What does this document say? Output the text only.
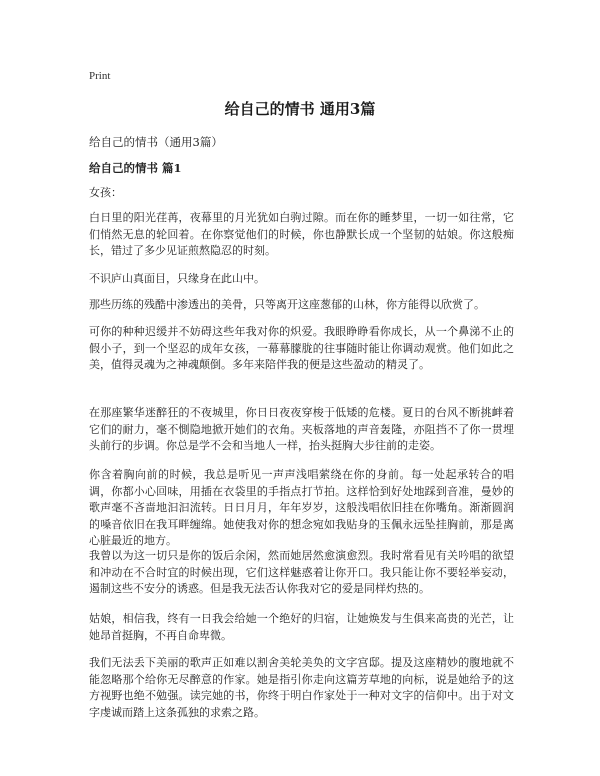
Print
给自己的情书 通用3篇

给自己的情书（通用3篇）

给自己的情书 篇1

女孩：

白日里的阳光荏苒，夜幕里的月光犹如白驹过隙。而在你的睡梦里，一切一如往常，它们悄然无息的轮回着。在你察觉他们的时候，你也静默长成一个坚韧的姑娘。你这般痴长，错过了多少见证煎熬隐忍的时刻。

不识庐山真面目，只缘身在此山中。

那些历练的残酷中渗透出的美骨，只等离开这座葱郁的山林，你方能得以欣赏了。

可你的种种迟缓并不妨碍这些年我对你的炽爱。我眼睁睁看你成长，从一个鼻涕不止的假小子，到一个坚忍的成年女孩，一幕幕朦胧的往事随时能让你调动观赏。他们如此之美，值得灵魂为之神魂颠倒。多年来陪伴我的便是这些盈动的精灵了。

在那座繁华迷醉狂的不夜城里，你日日夜夜穿梭于低矮的危楼。夏日的台风不断挑衅着它们的耐力，毫不惻隐地掀开她们的衣角。夹板落地的声音轰隆，亦阻挡不了你一贯埋头前行的步调。你总是学不会和当地人一样，抬头挺胸大步往前的走姿。

你含着胸向前的时候，我总是听见一声声浅唱萦绕在你的身前。每一处起承转合的唱调，你都小心回味，用插在衣袋里的手指点打节拍。这样恰到好处地踩到音准，曼妙的歌声毫不吝啬地汩汩流转。日日月月，年年岁岁，这般浅唱依旧挂在你嘴角。渐渐圆润的嗓音依旧在我耳畔缠绵。她使我对你的想念宛如我贴身的玉佩永远坠挂胸前，那是离心脏最近的地方。

我曾以为这一切只是你的饭后余闲，然而她居然愈演愈烈。我时常看见有关吟唱的欲望和冲动在不合时宜的时候出现，它们这样魅惑着让你开口。我只能让你不要轻举妄动，遏制这些不安分的诱惑。但是我无法否认你我对它的爱是同样灼热的。

姑娘，相信我，终有一日我会给她一个绝好的归宿，让她焕发与生俱来高贵的光芒，让她昂首挺胸，不再自命卑微。

我们无法丢下美丽的歌声正如难以割舍美轮美奂的文字宫邸。提及这座精妙的腹地就不能忽略那个给你无尽醉意的作家。她是指引你走向这篇芳草地的向标，说是她给予的这方视野也绝不勉强。读完她的书，你终于明白作家处于一种对文字的信仰中。出于对文字虔诚而踏上这条孤独的求索之路。
